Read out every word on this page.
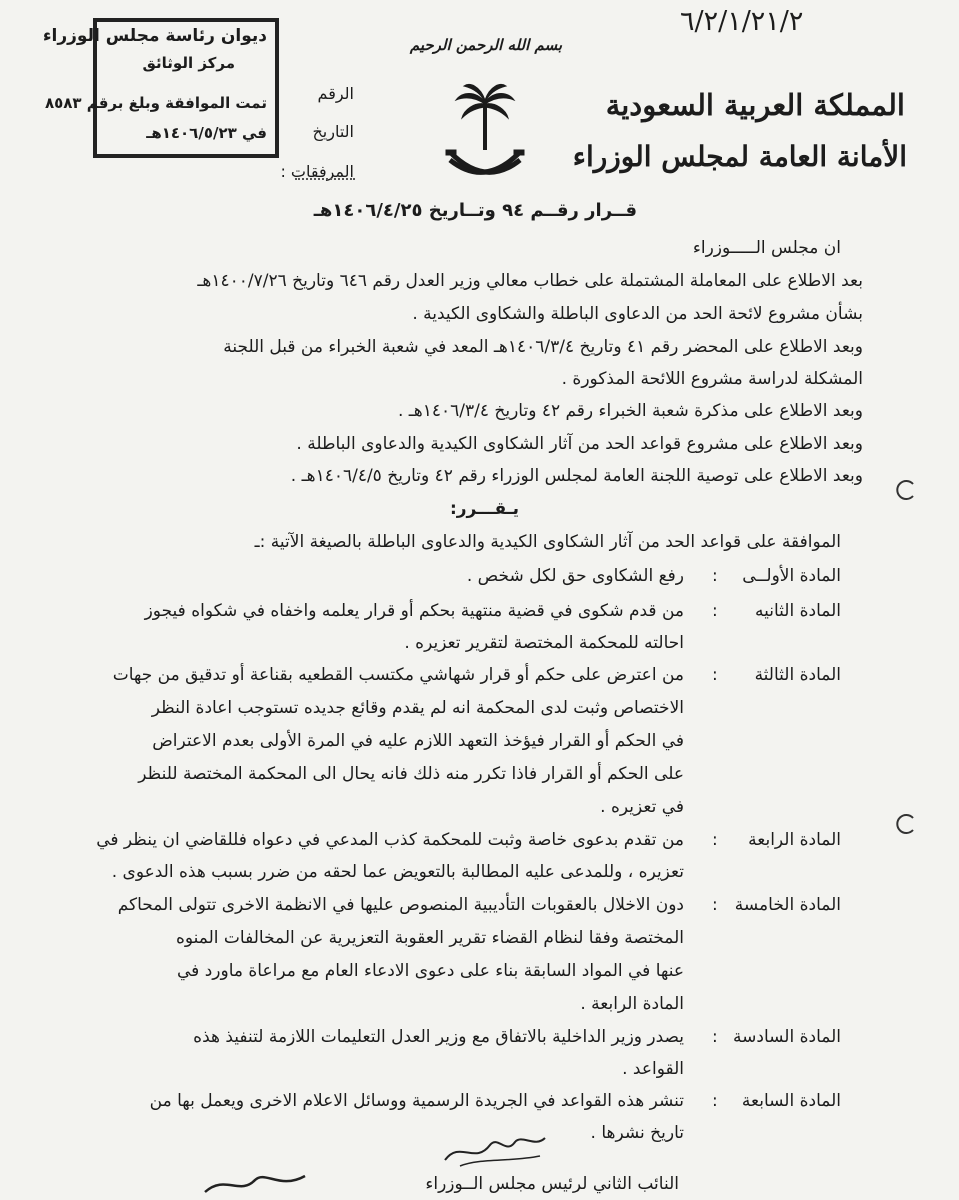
٦/٢/١/٢١/٢
ديوان رئاسة مجلس الوزراء
مركز الوثائق
تمت الموافقة وبلغ برقم ٨٥٨٣
في ١٤٠٦/٥/٢٣هـ
الرقم
التاريخ
المرفقات :
بسم الله الرحمن الرحيم
المملكة العربية السعودية
الأمانة العامة لمجلس الوزراء
قــرار رقــم ٩٤ وتــاريخ ١٤٠٦/٤/٢٥هـ
ان مجلس الـــــوزراء
بعد الاطلاع على المعاملة المشتملة على خطاب معالي وزير العدل رقم ٦٤٦ وتاريخ ١٤٠٠/٧/٢٦هـ
بشأن مشروع لائحة الحد من الدعاوى الباطلة والشكاوى الكيدية .
وبعد الاطلاع على المحضر رقم ٤١ وتاريخ ١٤٠٦/٣/٤هـ المعد في شعبة الخبراء من قبل اللجنة
المشكلة لدراسة مشروع اللائحة المذكورة .
وبعد الاطلاع على مذكرة شعبة الخبراء رقم ٤٢ وتاريخ ١٤٠٦/٣/٤هـ .
وبعد الاطلاع على مشروع قواعد الحد من آثار الشكاوى الكيدية والدعاوى الباطلة .
وبعد الاطلاع على توصية اللجنة العامة لمجلس الوزراء رقم ٤٢ وتاريخ ١٤٠٦/٤/٥هـ .
يـقـــرر:
الموافقة على قواعد الحد من آثار الشكاوى الكيدية والدعاوى الباطلة بالصيغة الآتية :ـ
المادة الأولــى
:
رفع الشكاوى حق لكل شخص .
المادة الثانيه
:
من قدم شكوى في قضية منتهية بحكم أو قرار يعلمه واخفاه في شكواه فيجوز
احالته للمحكمة المختصة لتقرير تعزيره .
المادة الثالثة
:
من اعترض على حكم أو قرار شهاشي مكتسب القطعيه بقناعة أو تدقيق من جهات
الاختصاص وثبت لدى المحكمة انه لم يقدم وقائع جديده تستوجب اعادة النظر
في الحكم أو القرار فيؤخذ التعهد اللازم عليه في المرة الأولى بعدم الاعتراض
على الحكم أو القرار فاذا تكرر منه ذلك فانه يحال الى المحكمة المختصة للنظر
في تعزيره .
المادة الرابعة
:
من تقدم بدعوى خاصة وثبت للمحكمة كذب المدعي في دعواه فللقاضي ان ينظر في
تعزيره ، وللمدعى عليه المطالبة بالتعويض عما لحقه من ضرر بسبب هذه الدعوى .
المادة الخامسة
:
دون الاخلال بالعقوبات التأديبية المنصوص عليها في الانظمة الاخرى تتولى المحاكم
المختصة وفقا لنظام القضاء تقرير العقوبة التعزيرية عن المخالفات المنوه
عنها في المواد السابقة بناء على دعوى الادعاء العام مع مراعاة ماورد في
المادة الرابعة .
المادة السادسة
:
يصدر وزير الداخلية بالاتفاق مع وزير العدل التعليمات اللازمة لتنفيذ هذه
القواعد .
المادة السابعة
:
تنشر هذه القواعد في الجريدة الرسمية ووسائل الاعلام الاخرى ويعمل بها من
تاريخ نشرها .
النائب الثاني لرئيس مجلس الــوزراء
